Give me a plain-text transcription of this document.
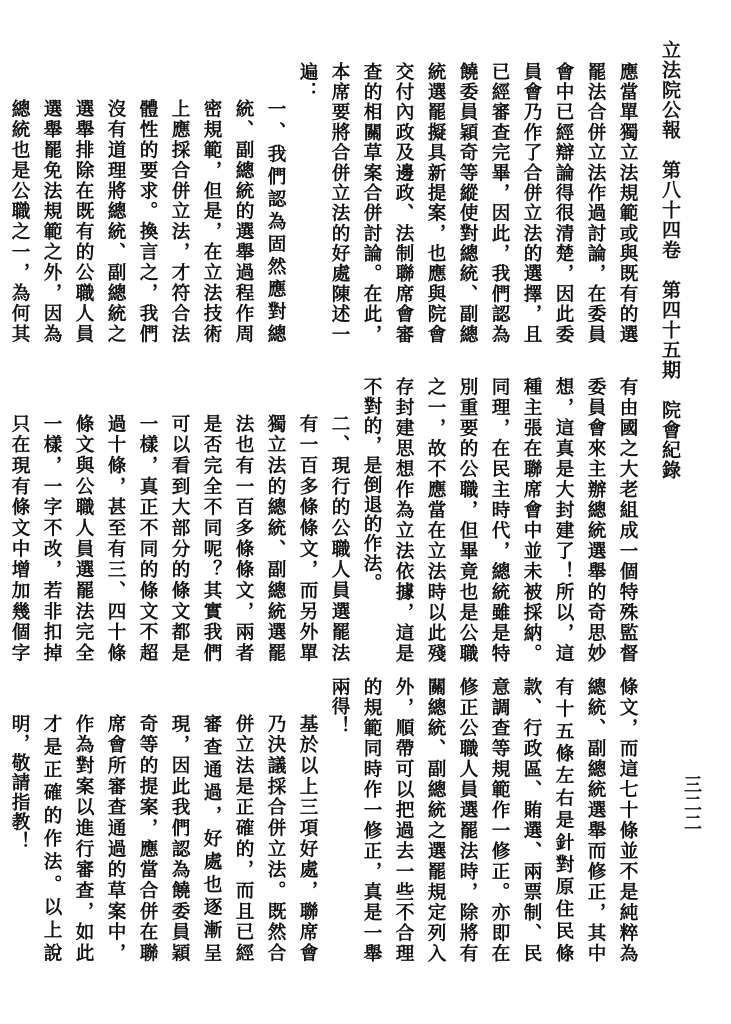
立法院公報　第八十四卷　第四十五期　院會紀錄
三二二

應當單獨立法規範或與既有的選罷法合併立法作過討論，在委員會中已經辯論得很清楚，因此委員會乃作了合併立法的選擇，且已經審查完畢，因此，我們認為饒委員穎奇等縱使對總統、副總統選罷擬具新提案，也應與院會交付內政及邊政、法制聯席會審查的相關草案合併討論。在此，本席要將合併立法的好處陳述一遍：

一、我們認為固然應對總統、副總統的選舉過程作周密規範，但是，在立法技術上應採合併立法，才符合法體性的要求。換言之，我們沒有道理將總統、副總統之選舉排除在既有的公職人員選舉罷免法規範之外，因為總統也是公職之一，為何其

有由國之大老組成一個特殊監督委員會來主辦總統選舉的奇思妙想，這真是大封建了！所以，這種主張在聯席會中並未被採納。同理，在民主時代，總統雖是特別重要的公職，但畢竟也是公職之一，故不應當在立法時以此殘存封建思想作為立法依據，這是不對的，是倒退的作法。

二、現行的公職人員選罷法有一百多條條文，而另外單獨立法的總統、副總統選罷法也有一百多條條文，兩者是否完全不同呢？其實我們可以看到大部分的條文都是一樣，真正不同的條文不超過十條，甚至有三、四十條條文與公職人員選罷法完全一樣，一字不改，若非扣掉只在現有條文中增加幾個字

條文，而這七十條並不是純粹為總統、副總統選舉而修正，其中有十五條左右是針對原住民條款、行政區、賄選、兩票制、民意調查等規範作一修正。亦即在修正公職人員選罷法時，除將有關總統、副總統之選罷規定列入外，順帶可以把過去一些不合理的規範同時作一修正，真是一舉兩得！

基於以上三項好處，聯席會乃決議採合併立法。既然合併立法是正確的，而且已經審查通過，好處也逐漸呈現，因此我們認為饒委員穎奇等的提案，應當合併在聯席會所審查通過的草案中，作為對案以進行審查，如此才是正確的作法。以上說明，敬請指教！
